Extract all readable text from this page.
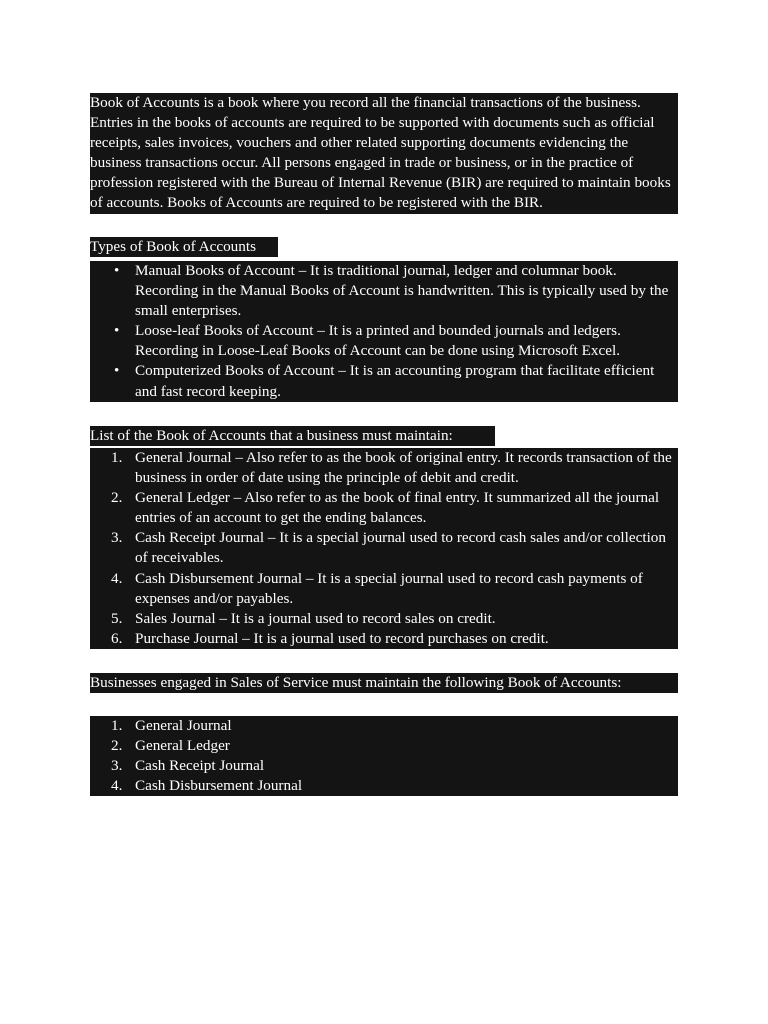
Book of Accounts is a book where you record all the financial transactions of the business. Entries in the books of accounts are required to be supported with documents such as official receipts, sales invoices, vouchers and other related supporting documents evidencing the business transactions occur. All persons engaged in trade or business, or in the practice of profession registered with the Bureau of Internal Revenue (BIR) are required to maintain books of accounts. Books of Accounts are required to be registered with the BIR.

Types of Book of Accounts
• Manual Books of Account – It is traditional journal, ledger and columnar book. Recording in the Manual Books of Account is handwritten. This is typically used by the small enterprises.
• Loose-leaf Books of Account – It is a printed and bounded journals and ledgers. Recording in Loose-Leaf Books of Account can be done using Microsoft Excel.
• Computerized Books of Account – It is an accounting program that facilitate efficient and fast record keeping.
List of the Book of Accounts that a business must maintain:
1. General Journal – Also refer to as the book of original entry. It records transaction of the business in order of date using the principle of debit and credit.
2. General Ledger – Also refer to as the book of final entry. It summarized all the journal entries of an account to get the ending balances.
3. Cash Receipt Journal – It is a special journal used to record cash sales and/or collection of receivables.
4. Cash Disbursement Journal – It is a special journal used to record cash payments of expenses and/or payables.
5. Sales Journal – It is a journal used to record sales on credit.
6. Purchase Journal – It is a journal used to record purchases on credit.
Businesses engaged in Sales of Service must maintain the following Book of Accounts:
1. General Journal
2. General Ledger
3. Cash Receipt Journal
4. Cash Disbursement Journal
